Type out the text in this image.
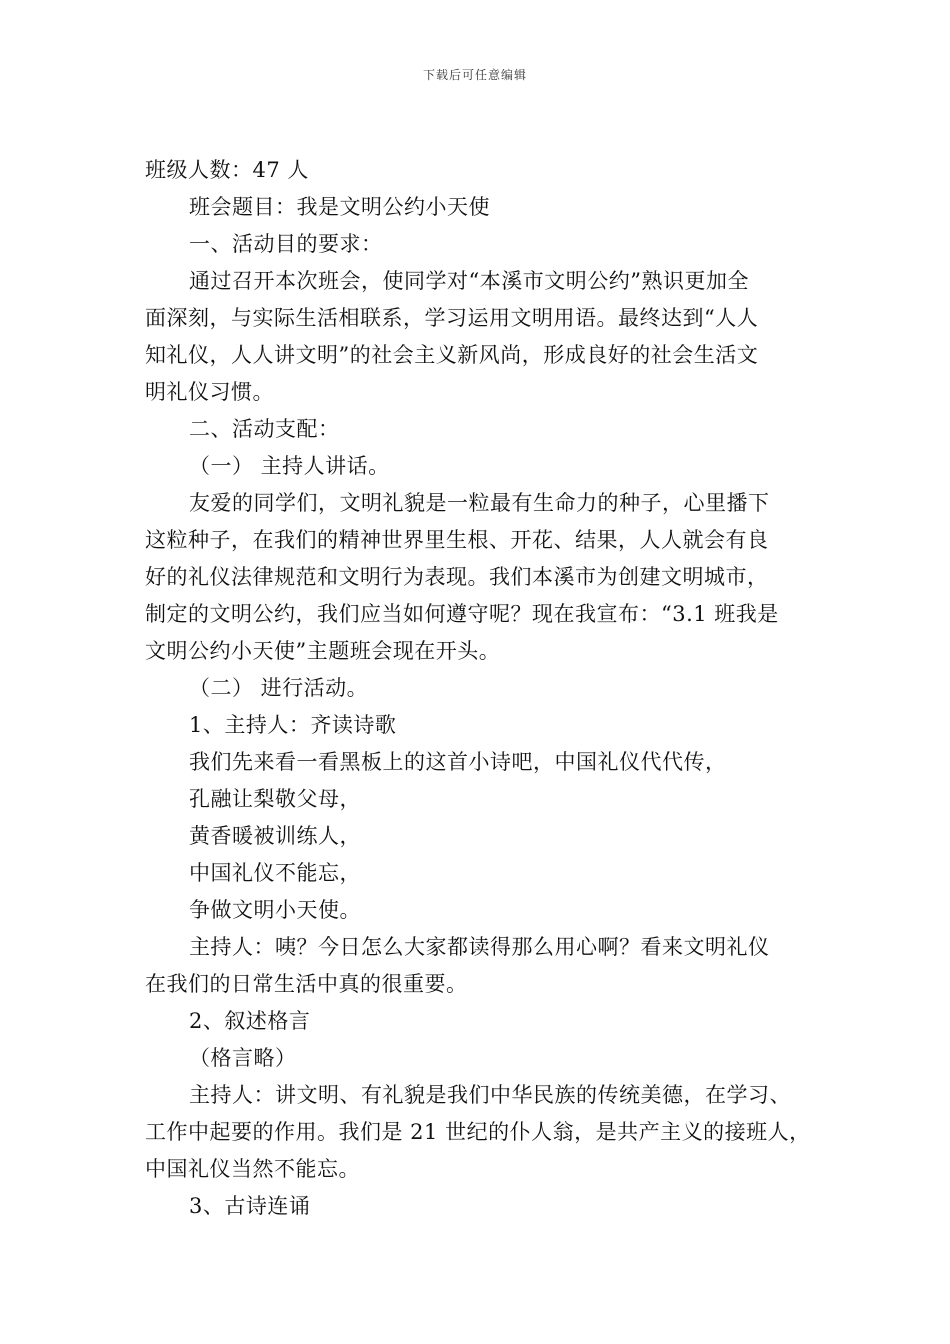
下载后可任意编辑
班级人数：47 人
班会题目：我是文明公约小天使
一、活动目的要求：
通过召开本次班会，使同学对“本溪市文明公约”熟识更加全
面深刻，与实际生活相联系，学习运用文明用语。最终达到“人人
知礼仪，人人讲文明”的社会主义新风尚，形成良好的社会生活文
明礼仪习惯。
二、活动支配：
（一） 主持人讲话。
友爱的同学们，文明礼貌是一粒最有生命力的种子，心里播下
这粒种子，在我们的精神世界里生根、开花、结果，人人就会有良
好的礼仪法律规范和文明行为表现。我们本溪市为创建文明城市，
制定的文明公约，我们应当如何遵守呢？现在我宣布：“3.1 班我是
文明公约小天使”主题班会现在开头。
（二） 进行活动。
1、主持人：齐读诗歌
我们先来看一看黑板上的这首小诗吧，中国礼仪代代传，
孔融让梨敬父母，
黄香暖被训练人，
中国礼仪不能忘，
争做文明小天使。
主持人：咦？今日怎么大家都读得那么用心啊？看来文明礼仪
在我们的日常生活中真的很重要。
2、叙述格言
（格言略）
主持人：讲文明、有礼貌是我们中华民族的传统美德，在学习、
工作中起要的作用。我们是 21 世纪的仆人翁，是共产主义的接班人，
中国礼仪当然不能忘。
3、古诗连诵
